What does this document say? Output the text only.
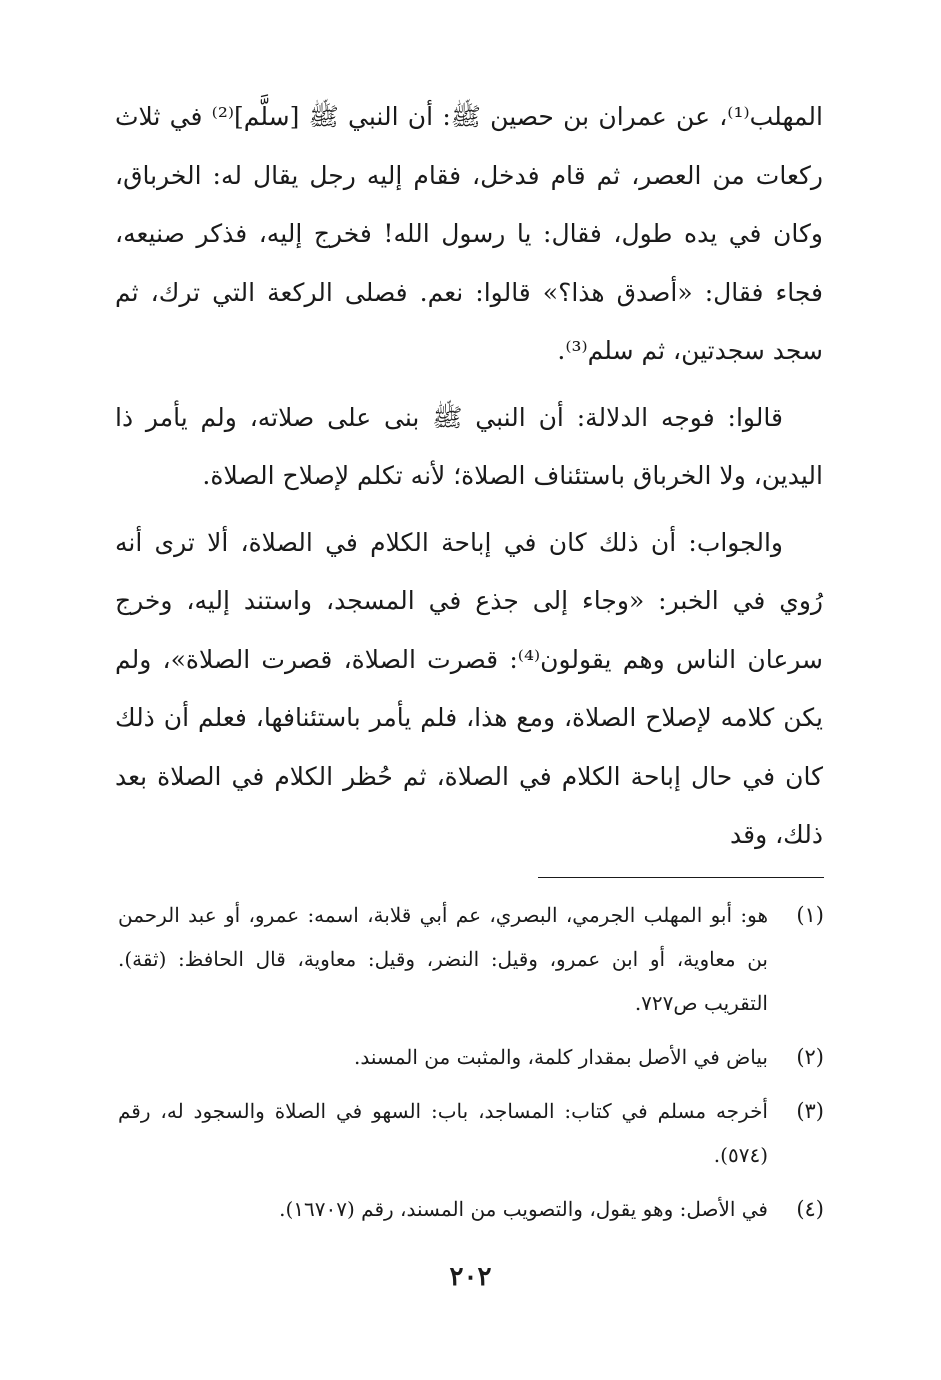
المهلب⁽¹⁾، عن عمران بن حصين ﷺ: أن النبي ﷺ [سلَّم]⁽²⁾ في ثلاث ركعات من العصر، ثم قام فدخل، فقام إليه رجل يقال له: الخرباق، وكان في يده طول، فقال: يا رسول الله! فخرج إليه، فذكر صنيعه، فجاء فقال: «أصدق هذا؟» قالوا: نعم. فصلى الركعة التي ترك، ثم سجد سجدتين، ثم سلم⁽³⁾.

قالوا: فوجه الدلالة: أن النبي ﷺ بنى على صلاته، ولم يأمر ذا اليدين، ولا الخرباق باستئناف الصلاة؛ لأنه تكلم لإصلاح الصلاة.

والجواب: أن ذلك كان في إباحة الكلام في الصلاة، ألا ترى أنه رُوي في الخبر: «وجاء إلى جذع في المسجد، واستند إليه، وخرج سرعان الناس وهم يقولون⁽⁴⁾: قصرت الصلاة، قصرت الصلاة»، ولم يكن كلامه لإصلاح الصلاة، ومع هذا، فلم يأمر باستئنافها، فعلم أن ذلك كان في حال إباحة الكلام في الصلاة، ثم حُظر الكلام في الصلاة بعد ذلك، وقد

(١)
هو: أبو المهلب الجرمي، البصري، عم أبي قلابة، اسمه: عمرو، أو عبد الرحمن بن معاوية، أو ابن عمرو، وقيل: النضر، وقيل: معاوية، قال الحافظ: (ثقة). التقريب ص٧٢٧.
(٢)
بياض في الأصل بمقدار كلمة، والمثبت من المسند.
(٣)
أخرجه مسلم في كتاب: المساجد، باب: السهو في الصلاة والسجود له، رقم (٥٧٤).
(٤)
في الأصل: وهو يقول، والتصويب من المسند، رقم (١٦٧٠٧).
٢٠٢
